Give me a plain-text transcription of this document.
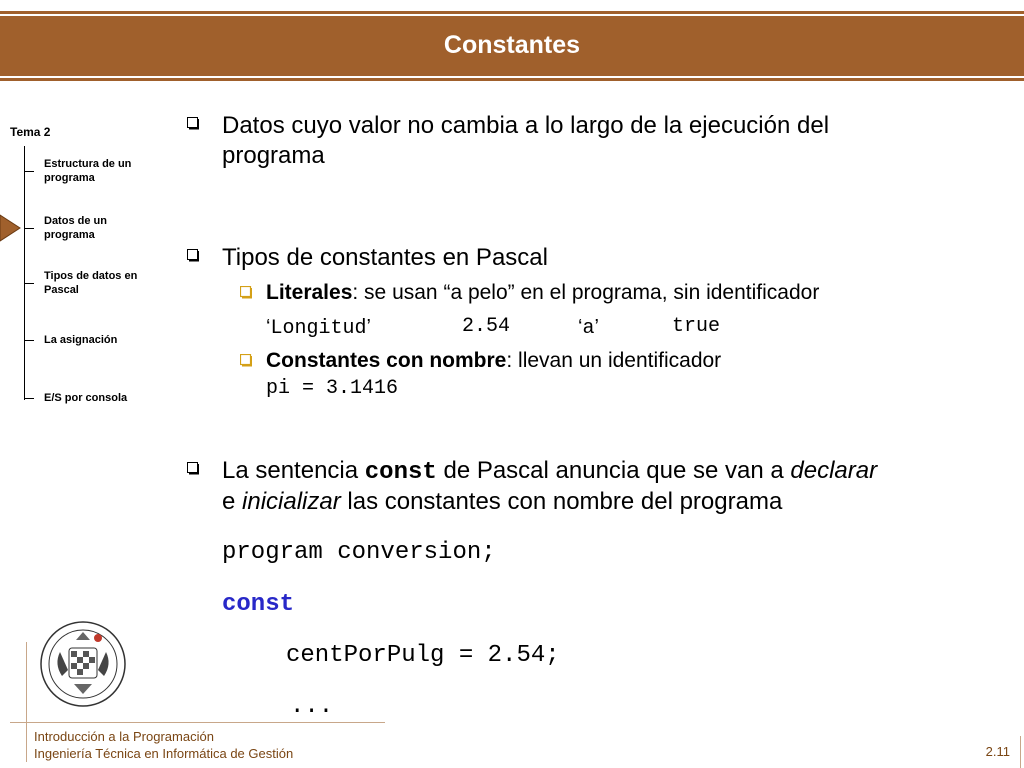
Constantes
Tema 2
Estructura de un programa
Datos de un programa
Tipos de datos en Pascal
La asignación
E/S por consola
Datos cuyo valor no cambia a lo largo de la ejecución del
programa
Tipos de constantes en Pascal
Literales: se usan “a pelo” en el programa, sin identificador
‘Longitud’	2.54	‘a’	true
Constantes con nombre: llevan un identificador
pi = 3.1416
La sentencia const de Pascal anuncia que se van a declarar
e inicializar las constantes con nombre del programa
program conversion;
const
centPorPulg = 2.54;
...
Introducción a la Programación
Ingeniería Técnica en Informática de Gestión	2.11
